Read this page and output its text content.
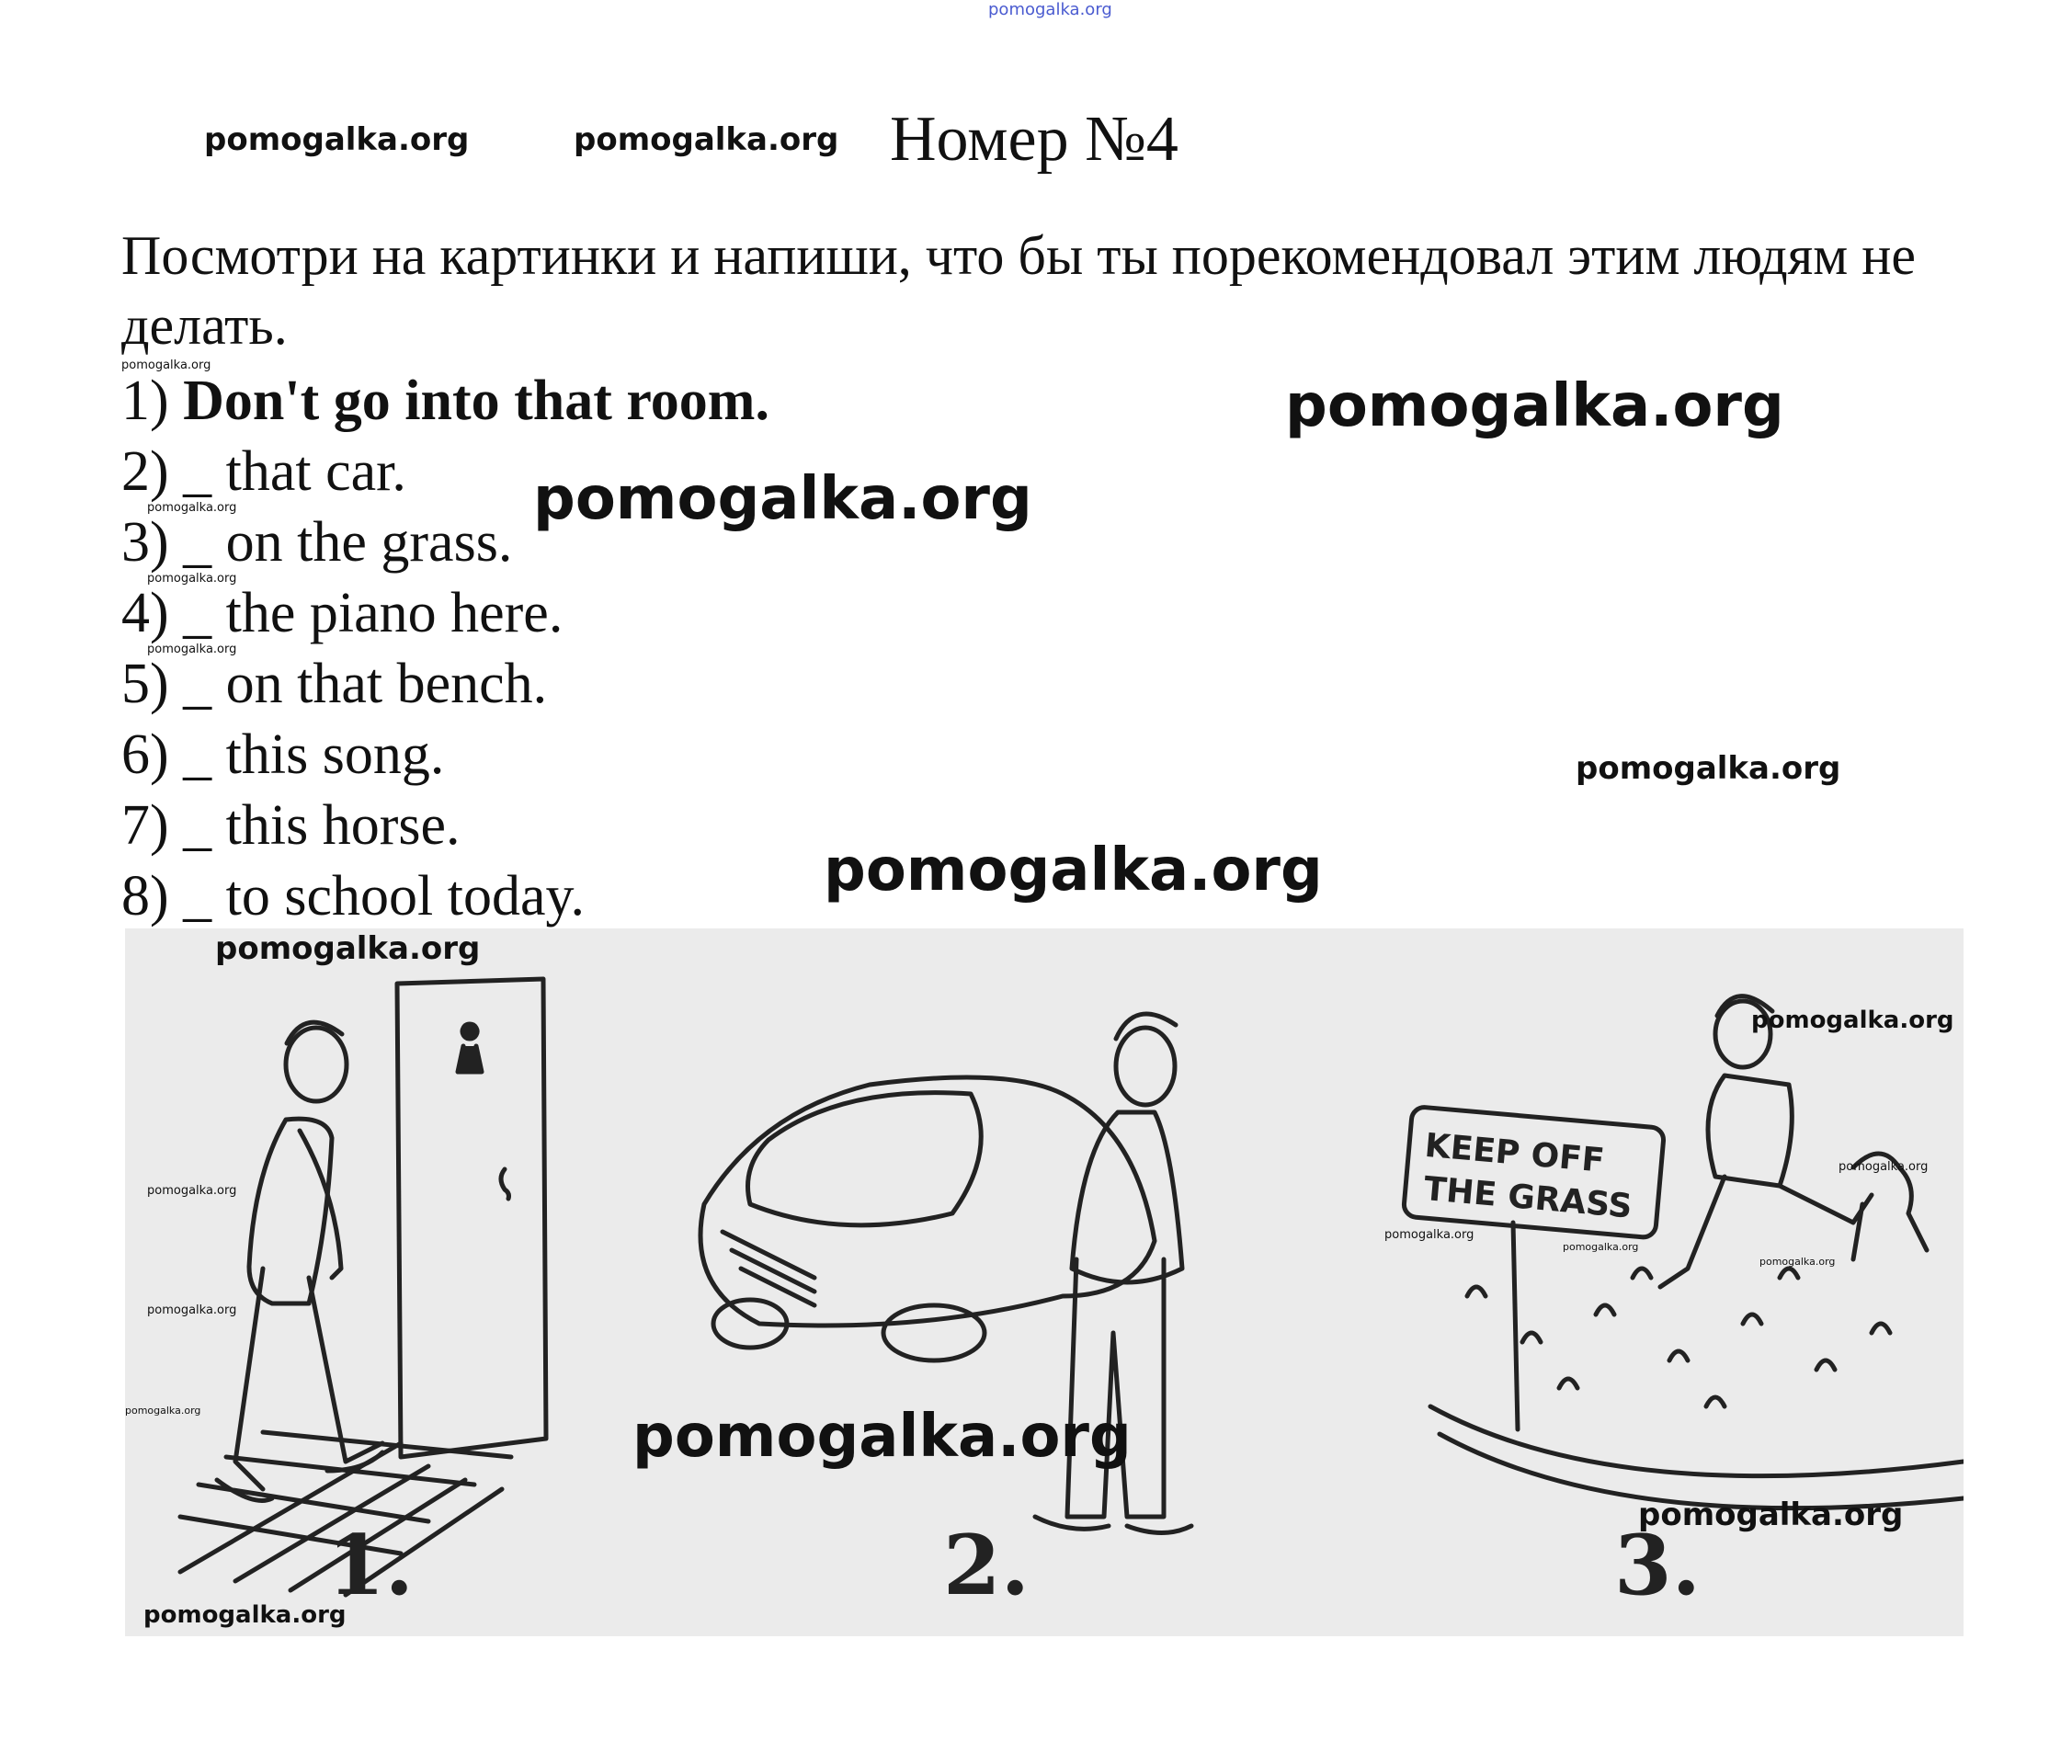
pomogalka.org
pomogalka.org	pomogalka.org Номер №4
Посмотри на картинки и напиши, что бы ты порекомендовал этим людям не делать.
pomogalka.org
1) Don't go into that room.
2) _ that car.
3) _ on the grass.
4) _ the piano here.
5) _ on that bench.
6) _ this song.
7) _ this horse.
8) _ to school today.
pomogalka.org
pomogalka.org
pomogalka.org
pomogalka.org
pomogalka.org
pomogalka.org
pomogalka.org
KEEP OFF
THE GRASS
1.	2.	3.
pomogalka.org
pomogalka.org
pomogalka.org
pomogalka.org
pomogalka.org
pomogalka.org
pomogalka.org
pomogalka.org
pomogalka.org	pomogalka.org
pomogalka.org
pomogalka.org
